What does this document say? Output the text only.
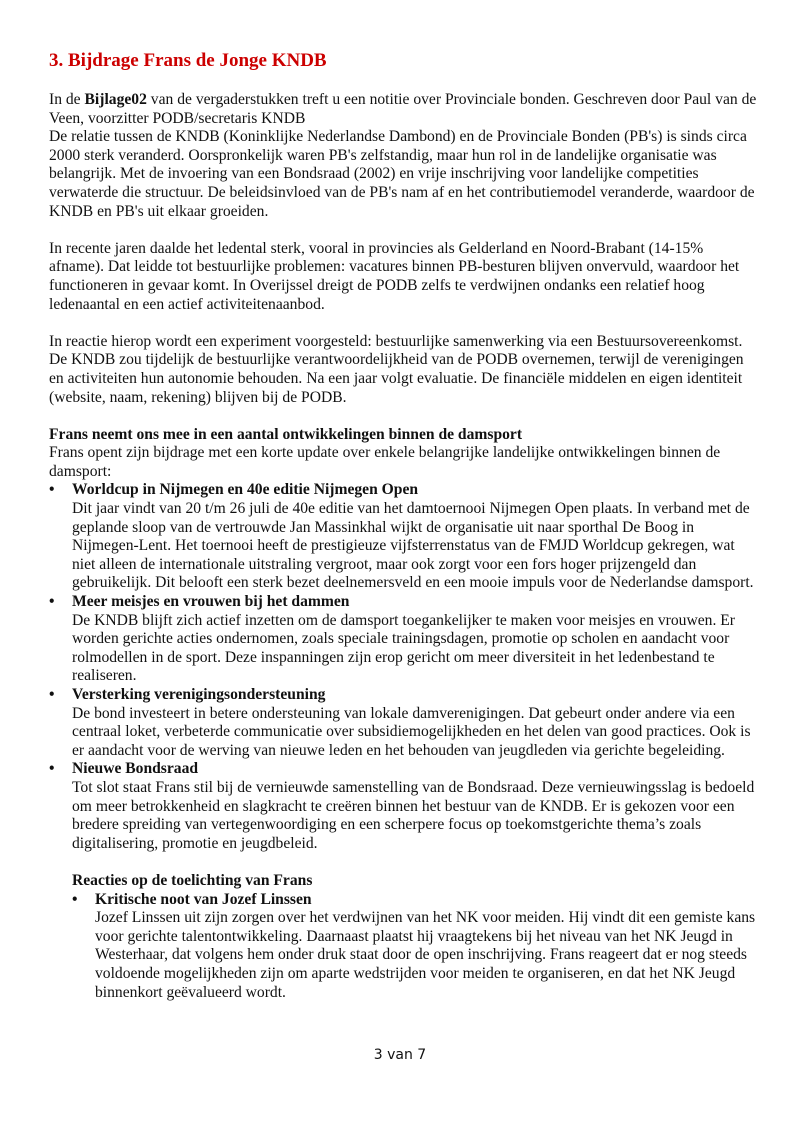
3. Bijdrage Frans de Jonge KNDB

In de Bijlage02 van de vergaderstukken treft u een notitie over Provinciale bonden. Geschreven door Paul van de Veen, voorzitter PODB/secretaris KNDB

De relatie tussen de KNDB (Koninklijke Nederlandse Dambond) en de Provinciale Bonden (PB's) is sinds circa 2000 sterk veranderd. Oorspronkelijk waren PB's zelfstandig, maar hun rol in de landelijke organisatie was belangrijk. Met de invoering van een Bondsraad (2002) en vrije inschrijving voor landelijke competities verwaterde die structuur. De beleidsinvloed van de PB's nam af en het contributiemodel veranderde, waardoor de KNDB en PB's uit elkaar groeiden.

In recente jaren daalde het ledental sterk, vooral in provincies als Gelderland en Noord-Brabant (14-15% afname). Dat leidde tot bestuurlijke problemen: vacatures binnen PB-besturen blijven onvervuld, waardoor het functioneren in gevaar komt. In Overijssel dreigt de PODB zelfs te verdwijnen ondanks een relatief hoog ledenaantal en een actief activiteitenaanbod.

In reactie hierop wordt een experiment voorgesteld: bestuurlijke samenwerking via een Bestuursovereenkomst. De KNDB zou tijdelijk de bestuurlijke verantwoordelijkheid van de PODB overnemen, terwijl de verenigingen en activiteiten hun autonomie behouden. Na een jaar volgt evaluatie. De financiële middelen en eigen identiteit (website, naam, rekening) blijven bij de PODB.

Frans neemt ons mee in een aantal ontwikkelingen binnen de damsport

Frans opent zijn bijdrage met een korte update over enkele belangrijke landelijke ontwikkelingen binnen de damsport:

•	Worldcup in Nijmegen en 40e editie Nijmegen Open

Dit jaar vindt van 20 t/m 26 juli de 40e editie van het damtoernooi Nijmegen Open plaats. In verband met de geplande sloop van de vertrouwde Jan Massinkhal wijkt de organisatie uit naar sporthal De Boog in Nijmegen-Lent. Het toernooi heeft de prestigieuze vijfsterrenstatus van de FMJD Worldcup gekregen, wat niet alleen de internationale uitstraling vergroot, maar ook zorgt voor een fors hoger prijzengeld dan gebruikelijk. Dit belooft een sterk bezet deelnemersveld en een mooie impuls voor de Nederlandse damsport.

•	Meer meisjes en vrouwen bij het dammen

De KNDB blijft zich actief inzetten om de damsport toegankelijker te maken voor meisjes en vrouwen. Er worden gerichte acties ondernomen, zoals speciale trainingsdagen, promotie op scholen en aandacht voor rolmodellen in de sport. Deze inspanningen zijn erop gericht om meer diversiteit in het ledenbestand te realiseren.

•	Versterking verenigingsondersteuning

De bond investeert in betere ondersteuning van lokale damverenigingen. Dat gebeurt onder andere via een centraal loket, verbeterde communicatie over subsidiemogelijkheden en het delen van good practices. Ook is er aandacht voor de werving van nieuwe leden en het behouden van jeugdleden via gerichte begeleiding.

•	Nieuwe Bondsraad

Tot slot staat Frans stil bij de vernieuwde samenstelling van de Bondsraad. Deze vernieuwingsslag is bedoeld om meer betrokkenheid en slagkracht te creëren binnen het bestuur van de KNDB. Er is gekozen voor een bredere spreiding van vertegenwoordiging en een scherpere focus op toekomstgerichte thema’s zoals digitalisering, promotie en jeugdbeleid.

Reacties op de toelichting van Frans

•	Kritische noot van Jozef Linssen

Jozef Linssen uit zijn zorgen over het verdwijnen van het NK voor meiden. Hij vindt dit een gemiste kans voor gerichte talentontwikkeling. Daarnaast plaatst hij vraagtekens bij het niveau van het NK Jeugd in Westerhaar, dat volgens hem onder druk staat door de open inschrijving. Frans reageert dat er nog steeds voldoende mogelijkheden zijn om aparte wedstrijden voor meiden te organiseren, en dat het NK Jeugd binnenkort geëvalueerd wordt.

3 van 7
